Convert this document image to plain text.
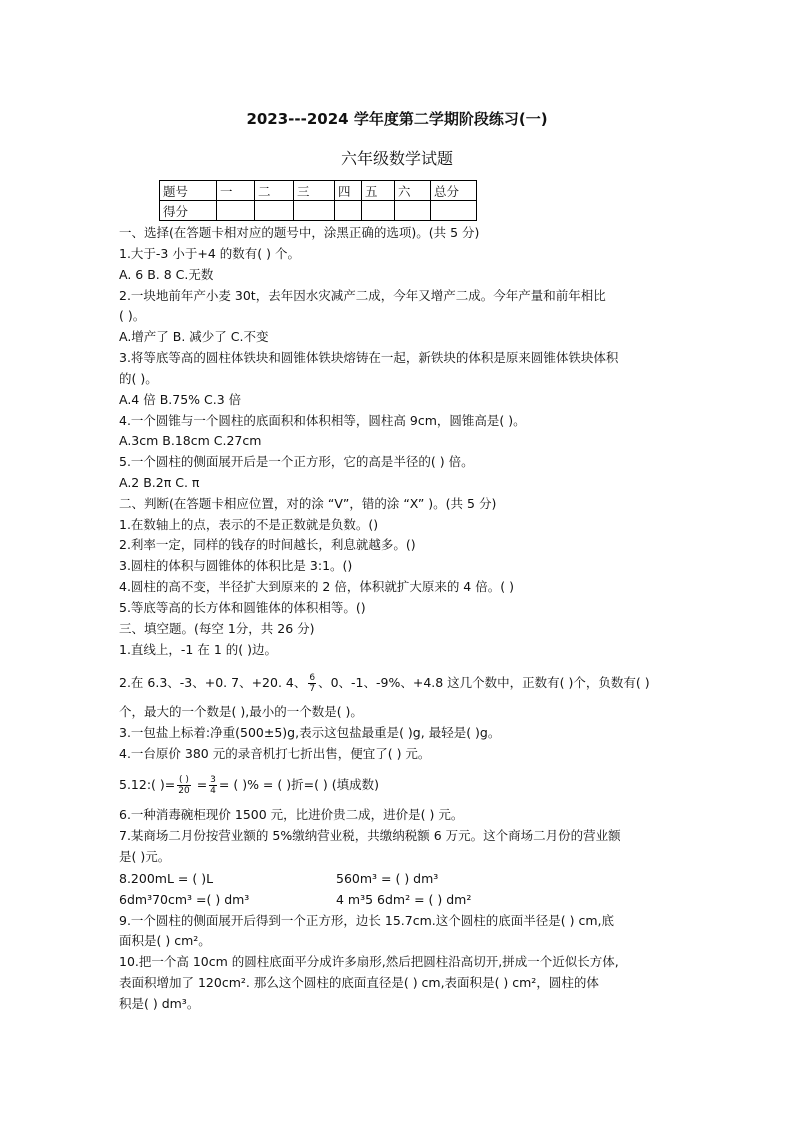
2023---2024 学年度第二学期阶段练习(一)
六年级数学试题
题号	一	二	三	四	五	六	总分
得分							
一、选择(在答题卡相对应的题号中，涂黑正确的选项)。(共 5 分)
1.大于-3 小于+4 的数有( ) 个。
A. 6 B. 8 C.无数
2.一块地前年产小麦 30t，去年因水灾减产二成，今年又增产二成。今年产量和前年相比
( )。
A.增产了 B. 减少了 C.不变
3.将等底等高的圆柱体铁块和圆锥体铁块熔铸在一起，新铁块的体积是原来圆锥体铁块体积
的( )。
A.4 倍 B.75% C.3 倍
4.一个圆锥与一个圆柱的底面积和体积相等，圆柱高 9cm，圆锥高是( )。
A.3cm B.18cm C.27cm
5.一个圆柱的侧面展开后是一个正方形，它的高是半径的( ) 倍。
A.2 B.2π C. π
二、判断(在答题卡相应位置，对的涂 “V”，错的涂 “X” )。(共 5 分)
1.在数轴上的点，表示的不是正数就是负数。()
2.利率一定，同样的钱存的时间越长，利息就越多。()
3.圆柱的体积与圆锥体的体积比是 3:1。()
4.圆柱的高不变，半径扩大到原来的 2 倍，体积就扩大原来的 4 倍。( )
5.等底等高的长方体和圆锥体的体积相等。()
三、填空题。(每空 1分，共 26 分)
1.直线上，-1 在 1 的( )边。
2.在 6.3、-3、+0. 7、+20. 4、 $\frac{6}{7}$ 、0、-1、-9%、+4.8 这几个数中，正数有( )个，负数有( )
个，最大的一个数是( ),最小的一个数是( )。
3.一包盐上标着:净重(500±5)g,表示这包盐最重是( )g, 最轻是( )g。
4.一台原价 380 元的录音机打七折出售，便宜了( ) 元。
5.12:( )= $\frac{( )}{20} = \frac{3}{4}$ = ( )% = ( )折=( ) (填成数)
6.一种消毒碗柜现价 1500 元，比进价贵二成，进价是( ) 元。
7.某商场二月份按营业额的 5%缴纳营业税，共缴纳税额 6 万元。这个商场二月份的营业额
是( )元。
8.200mL = ( )L	560m³ = ( ) dm³
6dm³70cm³ =( ) dm³	4 m³5 6dm² = ( ) dm²
9.一个圆柱的侧面展开后得到一个正方形，边长 15.7cm.这个圆柱的底面半径是( ) cm,底
面积是( ) cm²。
10.把一个高 10cm 的圆柱底面平分成许多扇形,然后把圆柱沿高切开,拼成一个近似长方体,
表面积增加了 120cm². 那么这个圆柱的底面直径是( ) cm,表面积是( ) cm²，圆柱的体
积是( ) dm³。
